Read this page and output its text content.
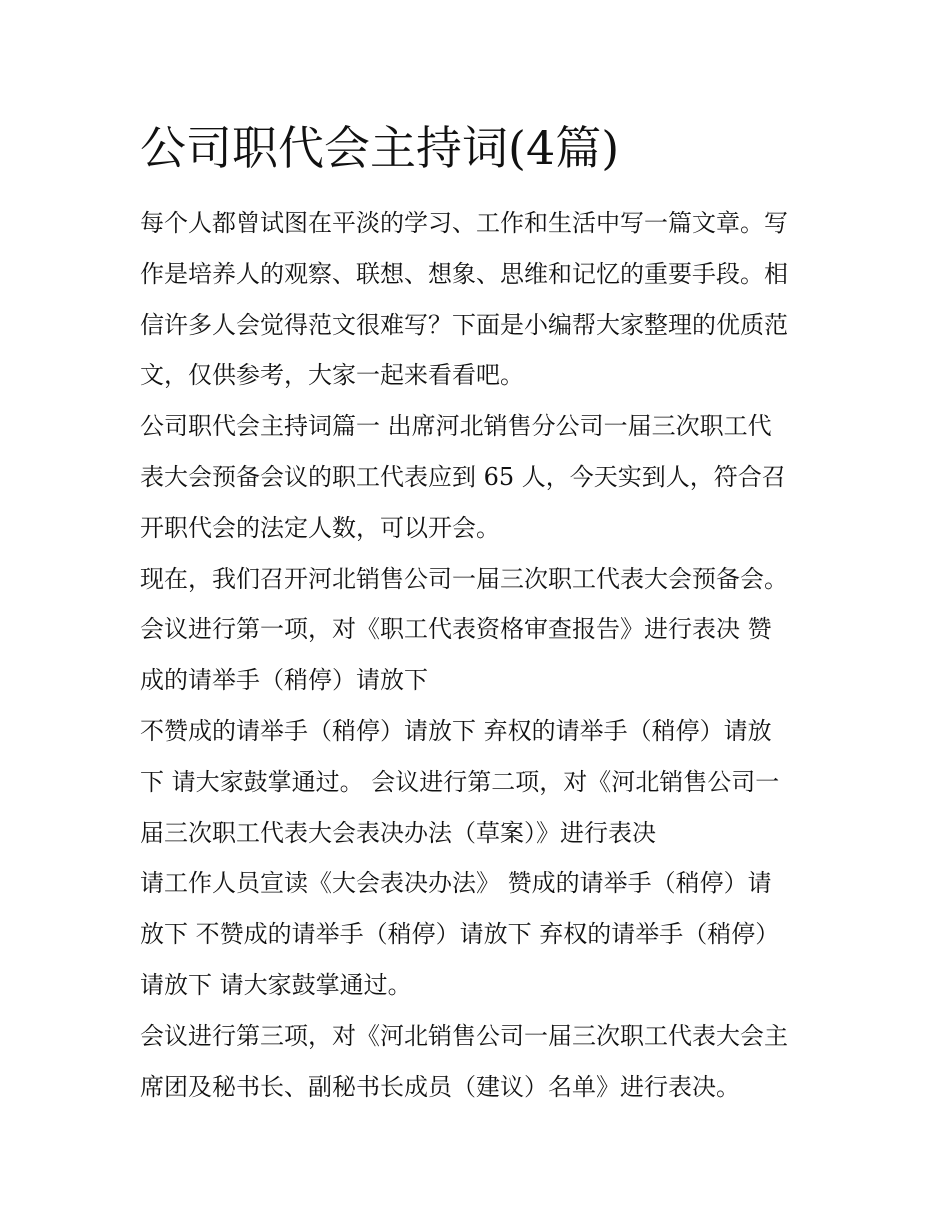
公司职代会主持词(4篇)
每个人都曾试图在平淡的学习、工作和生活中写一篇文章。写
作是培养人的观察、联想、想象、思维和记忆的重要手段。相
信许多人会觉得范文很难写？下面是小编帮大家整理的优质范
文，仅供参考，大家一起来看看吧。
公司职代会主持词篇一 出席河北销售分公司一届三次职工代
表大会预备会议的职工代表应到 65 人，今天实到人，符合召
开职代会的法定人数，可以开会。
现在，我们召开河北销售公司一届三次职工代表大会预备会。
会议进行第一项，对《职工代表资格审查报告》进行表决 赞
成的请举手（稍停）请放下
不赞成的请举手（稍停）请放下 弃权的请举手（稍停）请放
下 请大家鼓掌通过。 会议进行第二项，对《河北销售公司一
届三次职工代表大会表决办法（草案）》进行表决
请工作人员宣读《大会表决办法》 赞成的请举手（稍停）请
放下 不赞成的请举手（稍停）请放下 弃权的请举手（稍停）
请放下 请大家鼓掌通过。
会议进行第三项，对《河北销售公司一届三次职工代表大会主
席团及秘书长、副秘书长成员（建议）名单》进行表决。
